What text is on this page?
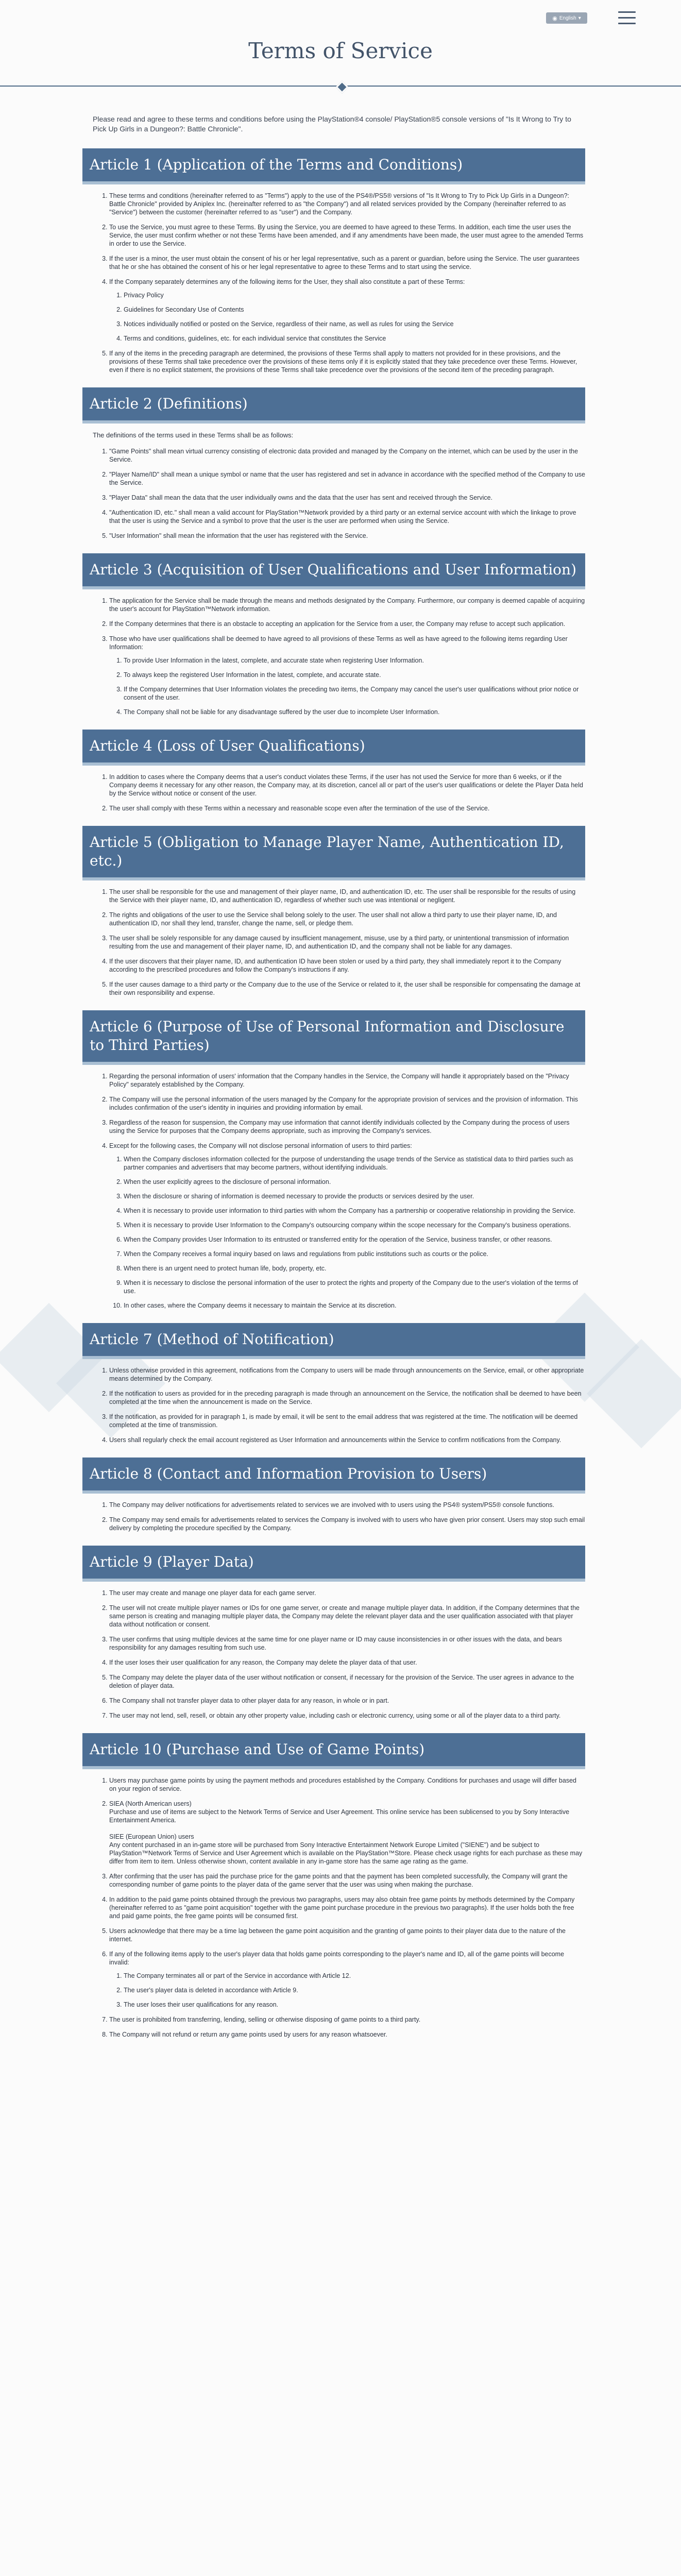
◉ English ▾
Terms of Service

Please read and agree to these terms and conditions before using the PlayStation®4 console/ PlayStation®5 console versions of "Is It Wrong to Try to Pick Up Girls in a Dungeon?: Battle Chronicle".

Article 1 (Application of the Terms and Conditions)
1. These terms and conditions (hereinafter referred to as "Terms") apply to the use of the PS4®/PS5® versions of "Is It Wrong to Try to Pick Up Girls in a Dungeon?: Battle Chronicle" provided by Aniplex Inc. (hereinafter referred to as "the Company") and all related services provided by the Company (hereinafter referred to as "Service") between the customer (hereinafter referred to as "user") and the Company.
2. To use the Service, you must agree to these Terms. By using the Service, you are deemed to have agreed to these Terms. In addition, each time the user uses the Service, the user must confirm whether or not these Terms have been amended, and if any amendments have been made, the user must agree to the amended Terms in order to use the Service.
3. If the user is a minor, the user must obtain the consent of his or her legal representative, such as a parent or guardian, before using the Service. The user guarantees that he or she has obtained the consent of his or her legal representative to agree to these Terms and to start using the service.
4. If the Company separately determines any of the following items for the User, they shall also constitute a part of these Terms:
1. Privacy Policy
2. Guidelines for Secondary Use of Contents
3. Notices individually notified or posted on the Service, regardless of their name, as well as rules for using the Service
4. Terms and conditions, guidelines, etc. for each individual service that constitutes the Service
5. If any of the items in the preceding paragraph are determined, the provisions of these Terms shall apply to matters not provided for in these provisions, and the provisions of these Terms shall take precedence over the provisions of these items only if it is explicitly stated that they take precedence over these Terms. However, even if there is no explicit statement, the provisions of these Terms shall take precedence over the provisions of the second item of the preceding paragraph.
Article 2 (Definitions)

The definitions of the terms used in these Terms shall be as follows:

1. "Game Points" shall mean virtual currency consisting of electronic data provided and managed by the Company on the internet, which can be used by the user in the Service.
2. "Player Name/ID" shall mean a unique symbol or name that the user has registered and set in advance in accordance with the specified method of the Company to use the Service.
3. "Player Data" shall mean the data that the user individually owns and the data that the user has sent and received through the Service.
4. "Authentication ID, etc." shall mean a valid account for PlayStation™Network provided by a third party or an external service account with which the linkage to prove that the user is using the Service and a symbol to prove that the user is the user are performed when using the Service.
5. "User Information" shall mean the information that the user has registered with the Service.
Article 3 (Acquisition of User Qualifications and User Information)
1. The application for the Service shall be made through the means and methods designated by the Company. Furthermore, our company is deemed capable of acquiring the user's account for PlayStation™Network information.
2. If the Company determines that there is an obstacle to accepting an application for the Service from a user, the Company may refuse to accept such application.
3. Those who have user qualifications shall be deemed to have agreed to all provisions of these Terms as well as have agreed to the following items regarding User Information:
1. To provide User Information in the latest, complete, and accurate state when registering User Information.
2. To always keep the registered User Information in the latest, complete, and accurate state.
3. If the Company determines that User Information violates the preceding two items, the Company may cancel the user's user qualifications without prior notice or consent of the user.
4. The Company shall not be liable for any disadvantage suffered by the user due to incomplete User Information.
Article 4 (Loss of User Qualifications)
1. In addition to cases where the Company deems that a user's conduct violates these Terms, if the user has not used the Service for more than 6 weeks, or if the Company deems it necessary for any other reason, the Company may, at its discretion, cancel all or part of the user's user qualifications or delete the Player Data held by the Service without notice or consent of the user.
2. The user shall comply with these Terms within a necessary and reasonable scope even after the termination of the use of the Service.
Article 5 (Obligation to Manage Player Name, Authentication ID, etc.)
1. The user shall be responsible for the use and management of their player name, ID, and authentication ID, etc. The user shall be responsible for the results of using the Service with their player name, ID, and authentication ID, regardless of whether such use was intentional or negligent.
2. The rights and obligations of the user to use the Service shall belong solely to the user. The user shall not allow a third party to use their player name, ID, and authentication ID, nor shall they lend, transfer, change the name, sell, or pledge them.
3. The user shall be solely responsible for any damage caused by insufficient management, misuse, use by a third party, or unintentional transmission of information resulting from the use and management of their player name, ID, and authentication ID, and the company shall not be liable for any damages.
4. If the user discovers that their player name, ID, and authentication ID have been stolen or used by a third party, they shall immediately report it to the Company according to the prescribed procedures and follow the Company's instructions if any.
5. If the user causes damage to a third party or the Company due to the use of the Service or related to it, the user shall be responsible for compensating the damage at their own responsibility and expense.
Article 6 (Purpose of Use of Personal Information and Disclosure to Third Parties)
1. Regarding the personal information of users' information that the Company handles in the Service, the Company will handle it appropriately based on the "Privacy Policy" separately established by the Company.
2. The Company will use the personal information of the users managed by the Company for the appropriate provision of services and the provision of information. This includes confirmation of the user's identity in inquiries and providing information by email.
3. Regardless of the reason for suspension, the Company may use information that cannot identify individuals collected by the Company during the process of users using the Service for purposes that the Company deems appropriate, such as improving the Company's services.
4. Except for the following cases, the Company will not disclose personal information of users to third parties:
1. When the Company discloses information collected for the purpose of understanding the usage trends of the Service as statistical data to third parties such as partner companies and advertisers that may become partners, without identifying individuals.
2. When the user explicitly agrees to the disclosure of personal information.
3. When the disclosure or sharing of information is deemed necessary to provide the products or services desired by the user.
4. When it is necessary to provide user information to third parties with whom the Company has a partnership or cooperative relationship in providing the Service.
5. When it is necessary to provide User Information to the Company's outsourcing company within the scope necessary for the Company's business operations.
6. When the Company provides User Information to its entrusted or transferred entity for the operation of the Service, business transfer, or other reasons.
7. When the Company receives a formal inquiry based on laws and regulations from public institutions such as courts or the police.
8. When there is an urgent need to protect human life, body, property, etc.
9. When it is necessary to disclose the personal information of the user to protect the rights and property of the Company due to the user's violation of the terms of use.
10. In other cases, where the Company deems it necessary to maintain the Service at its discretion.
Article 7 (Method of Notification)
1. Unless otherwise provided in this agreement, notifications from the Company to users will be made through announcements on the Service, email, or other appropriate means determined by the Company.
2. If the notification to users as provided for in the preceding paragraph is made through an announcement on the Service, the notification shall be deemed to have been completed at the time when the announcement is made on the Service.
3. If the notification, as provided for in paragraph 1, is made by email, it will be sent to the email address that was registered at the time. The notification will be deemed completed at the time of transmission.
4. Users shall regularly check the email account registered as User Information and announcements within the Service to confirm notifications from the Company.
Article 8 (Contact and Information Provision to Users)
1. The Company may deliver notifications for advertisements related to services we are involved with to users using the PS4® system/PS5® console functions.
2. The Company may send emails for advertisements related to services the Company is involved with to users who have given prior consent. Users may stop such email delivery by completing the procedure specified by the Company.
Article 9 (Player Data)
1. The user may create and manage one player data for each game server.
2. The user will not create multiple player names or IDs for one game server, or create and manage multiple player data. In addition, if the Company determines that the same person is creating and managing multiple player data, the Company may delete the relevant player data and the user qualification associated with that player data without notification or consent.
3. The user confirms that using multiple devices at the same time for one player name or ID may cause inconsistencies in or other issues with the data, and bears responsibility for any damages resulting from such use.
4. If the user loses their user qualification for any reason, the Company may delete the player data of that user.
5. The Company may delete the player data of the user without notification or consent, if necessary for the provision of the Service. The user agrees in advance to the deletion of player data.
6. The Company shall not transfer player data to other player data for any reason, in whole or in part.
7. The user may not lend, sell, resell, or obtain any other property value, including cash or electronic currency, using some or all of the player data to a third party.
Article 10 (Purchase and Use of Game Points)
1. Users may purchase game points by using the payment methods and procedures established by the Company. Conditions for purchases and usage will differ based on your region of service.
2. SIEA (North American users)
Purchase and use of items are subject to the Network Terms of Service and User Agreement. This online service has been sublicensed to you by Sony Interactive Entertainment America.

SIEE (European Union) users
Any content purchased in an in-game store will be purchased from Sony Interactive Entertainment Network Europe Limited ("SIENE") and be subject to PlayStation™Network Terms of Service and User Agreement which is available on the PlayStation™Store. Please check usage rights for each purchase as these may differ from item to item. Unless otherwise shown, content available in any in-game store has the same age rating as the game.
3. After confirming that the user has paid the purchase price for the game points and that the payment has been completed successfully, the Company will grant the corresponding number of game points to the player data of the game server that the user was using when making the purchase.
4. In addition to the paid game points obtained through the previous two paragraphs, users may also obtain free game points by methods determined by the Company (hereinafter referred to as "game point acquisition" together with the game point purchase procedure in the previous two paragraphs). If the user holds both the free and paid game points, the free game points will be consumed first.
5. Users acknowledge that there may be a time lag between the game point acquisition and the granting of game points to their player data due to the nature of the internet.
6. If any of the following items apply to the user's player data that holds game points corresponding to the player's name and ID, all of the game points will become invalid:
1. The Company terminates all or part of the Service in accordance with Article 12.
2. The user's player data is deleted in accordance with Article 9.
3. The user loses their user qualifications for any reason.
7. The user is prohibited from transferring, lending, selling or otherwise disposing of game points to a third party.
8. The Company will not refund or return any game points used by users for any reason whatsoever.
